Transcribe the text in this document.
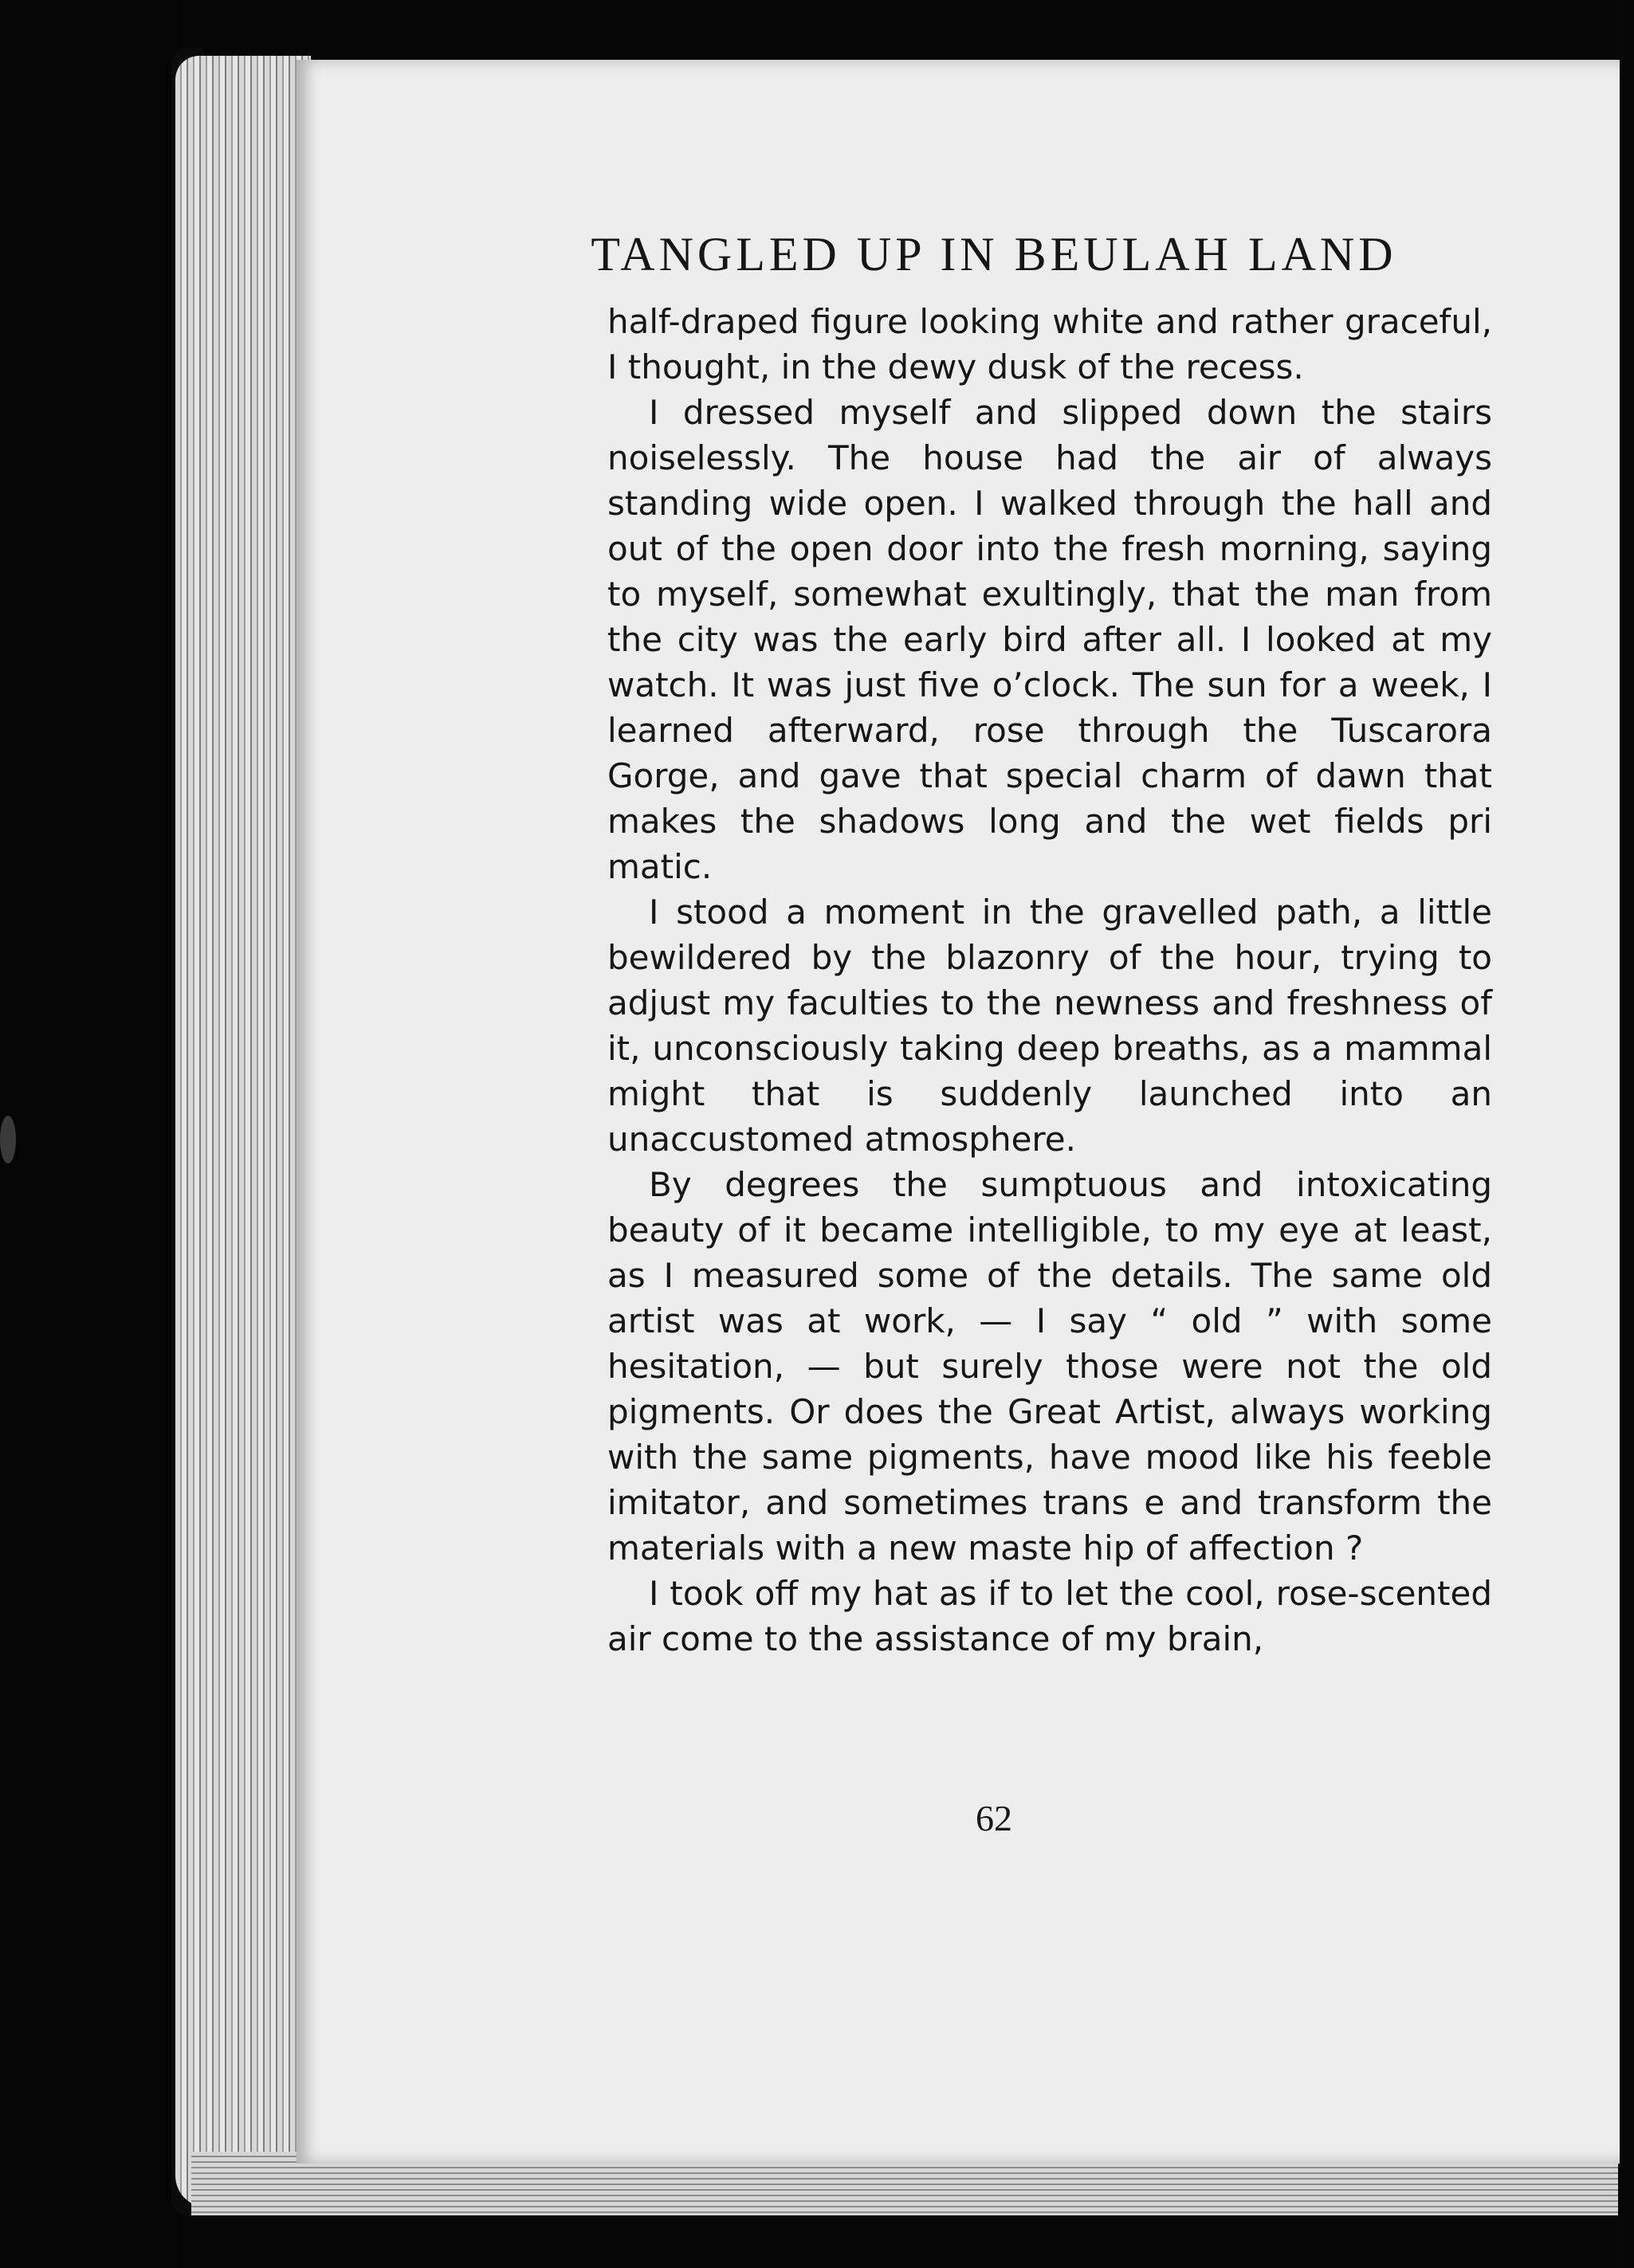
TANGLED UP IN BEULAH LAND

half-draped figure looking white and rather graceful, I thought, in the dewy dusk of the recess.

I dressed myself and slipped down the stairs noiselessly. The house had the air of always standing wide open. I walked through the hall and out of the open door into the fresh morning, saying to myself, somewhat exultingly, that the man from the city was the early bird after all. I looked at my watch. It was just five o’clock. The sun for a week, I learned afterward, rose through the Tuscarora Gorge, and gave that special charm of dawn that makes the shadows long and the wet fields pri matic.

I stood a moment in the gravelled path, a little bewildered by the blazonry of the hour, trying to adjust my faculties to the newness and freshness of it, unconsciously taking deep breaths, as a mammal might that is suddenly launched into an unaccustomed atmosphere.

By degrees the sumptuous and intoxicating beauty of it became intelligible, to my eye at least, as I measured some of the details. The same old artist was at work, — I say “ old ” with some hesitation, — but surely those were not the old pigments. Or does the Great Artist, always working with the same pigments, have mood like his feeble imitator, and sometimes trans e and transform the materials with a new maste hip of affection ?

I took off my hat as if to let the cool, rose-scented air come to the assistance of my brain,

62
